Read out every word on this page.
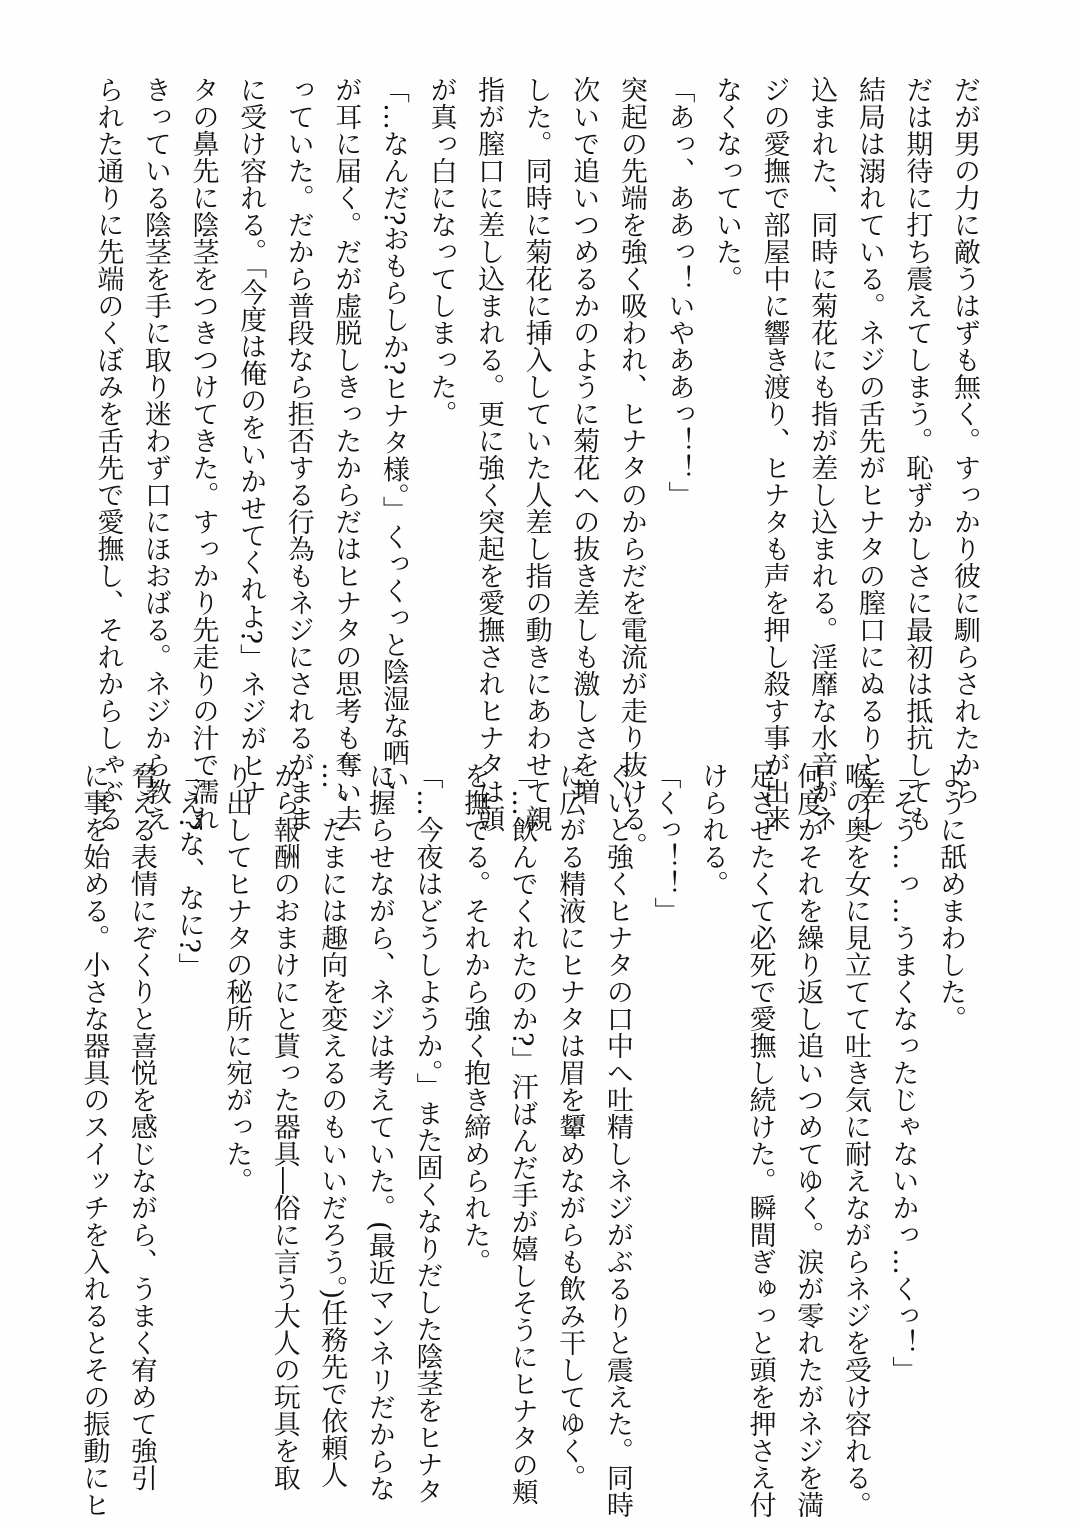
だが男の力に敵うはずも無く。すっかり彼に馴らされたから
だは期待に打ち震えてしまう。恥ずかしさに最初は抵抗しても
結局は溺れている。ネジの舌先がヒナタの膣口にぬるりと差し
込まれた、同時に菊花にも指が差し込まれる。淫靡な水音がネ
ジの愛撫で部屋中に響き渡り、ヒナタも声を押し殺す事が出来
なくなっていた。
「あっ、ああっ！いやああっ！！」
突起の先端を強く吸われ、ヒナタのからだを電流が走り抜ける。
次いで追いつめるかのように菊花への抜き差しも激しさを増
した。同時に菊花に挿入していた人差し指の動きにあわせて親
指が膣口に差し込まれる。更に強く突起を愛撫されヒナタは頭
が真っ白になってしまった。
「…なんだ?おもらしか?ヒナタ様。」くっくっと陰湿な哂い
が耳に届く。だが虚脱しきったからだはヒナタの思考も奪い去
っていた。だから普段なら拒否する行為もネジにされるがまま
に受け容れる。「今度は俺のをいかせてくれよ?」ネジがヒナ
タの鼻先に陰茎をつきつけてきた。すっかり先走りの汁で濡れ
きっている陰茎を手に取り迷わず口にほおばる。ネジから教え
られた通りに先端のくぼみを舌先で愛撫し、それからしゃぶる
ように舐めまわした。
「そう…っ…うまくなったじゃないかっ…くっ！」
喉の奥を女に見立てて吐き気に耐えながらネジを受け容れる。
何度かそれを繰り返し追いつめてゆく。涙が零れたがネジを満
足させたくて必死で愛撫し続けた。瞬間ぎゅっと頭を押さえ付
けられる。
「くっ！！」
ぐいと強くヒナタの口中へ吐精しネジがぶるりと震えた。同時
に広がる精液にヒナタは眉を顰めながらも飲み干してゆく。
「…飲んでくれたのか?」汗ばんだ手が嬉しそうにヒナタの頬
を撫でる。それから強く抱き締められた。
「…今夜はどうしようか。」また固くなりだした陰茎をヒナタ
に握らせながら、ネジは考えていた。(最近マンネリだからな
…。たまには趣向を変えるのもいいだろう。)任務先で依頼人
から報酬のおまけにと貰った器具―俗に言う大人の玩具を取
り出してヒナタの秘所に宛がった。
「え?な、なに?」
脅える表情にぞくりと喜悦を感じながら、うまく宥めて強引
に事を始める。小さな器具のスイッチを入れるとその振動にヒ
